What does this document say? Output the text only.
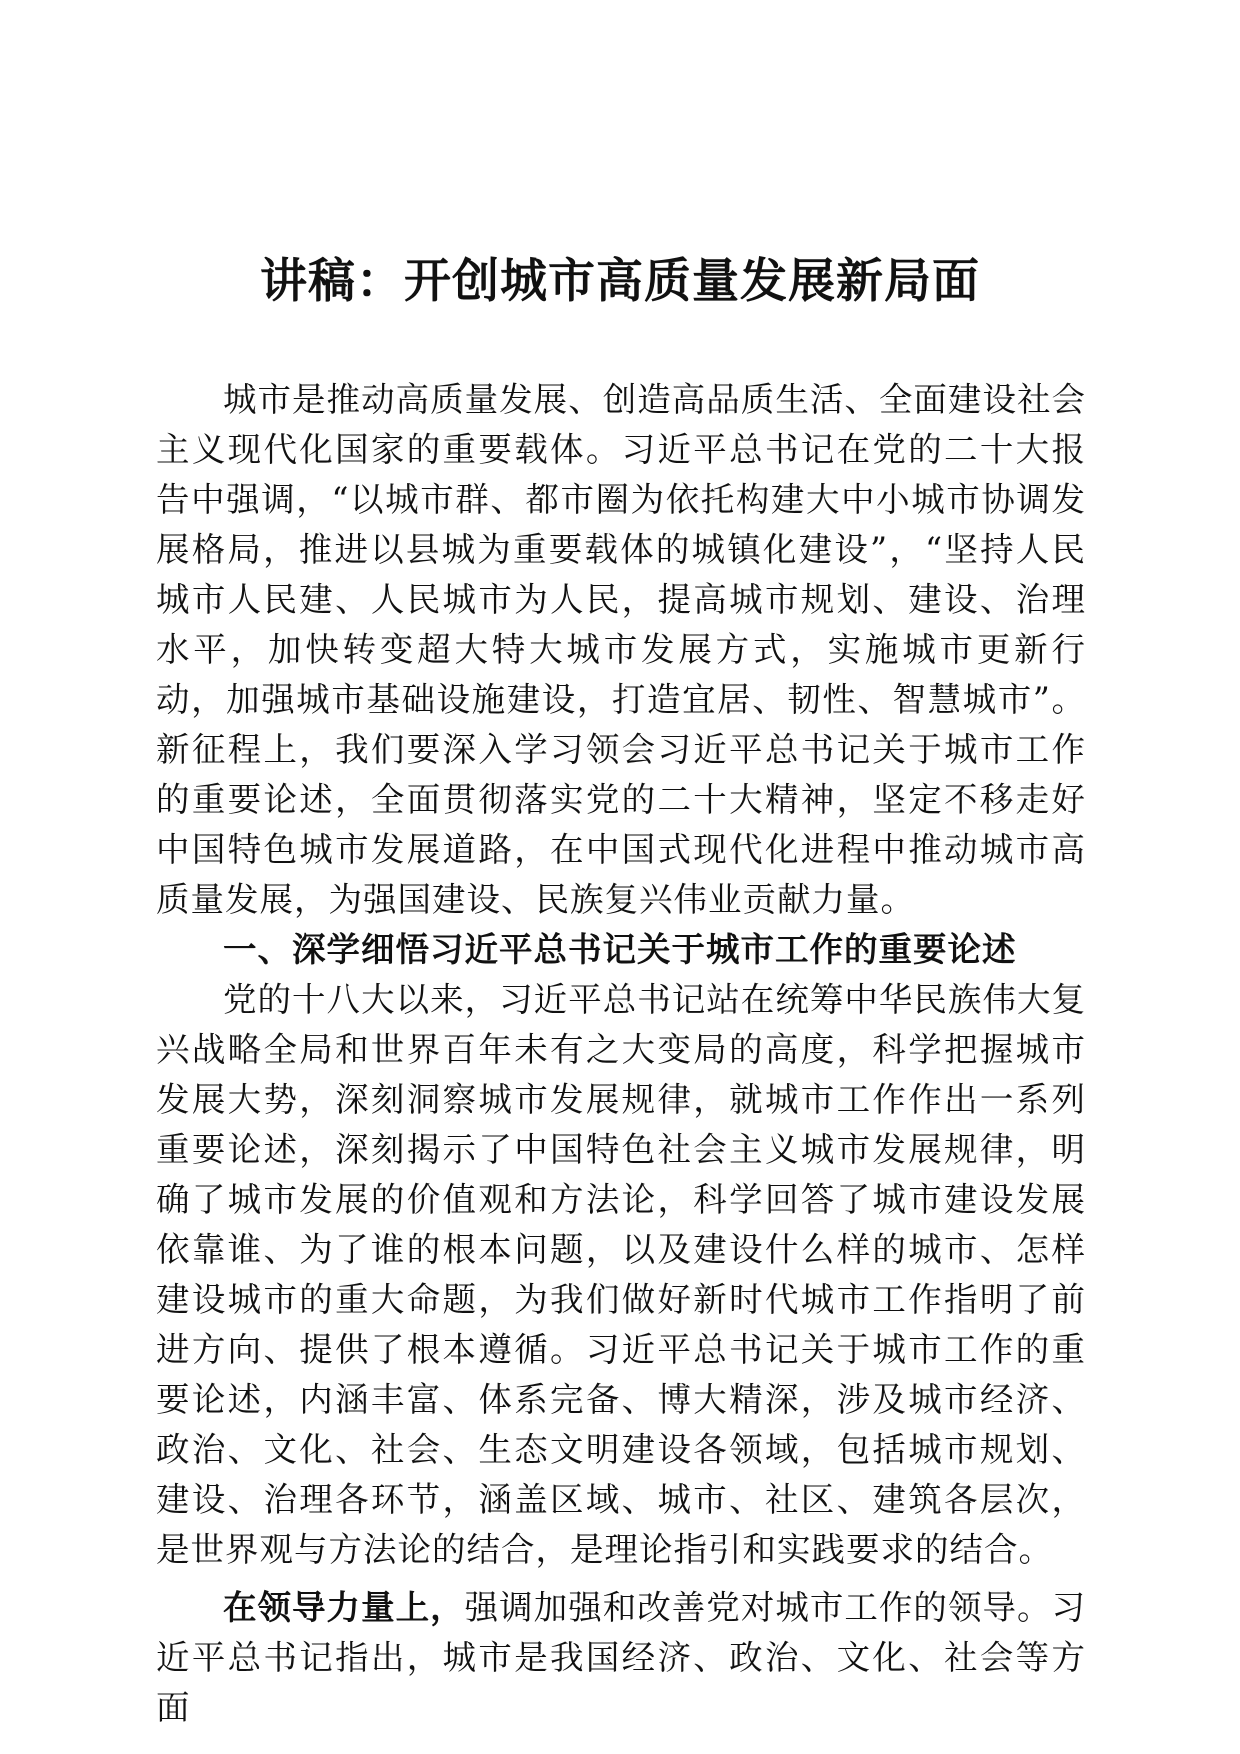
讲稿：开创城市高质量发展新局面

城市是推动高质量发展、创造高品质生活、全面建设社会主义现代化国家的重要载体。习近平总书记在党的二十大报告中强调，“以城市群、都市圈为依托构建大中小城市协调发展格局，推进以县城为重要载体的城镇化建设”，“坚持人民城市人民建、人民城市为人民，提高城市规划、建设、治理水平，加快转变超大特大城市发展方式，实施城市更新行动，加强城市基础设施建设，打造宜居、韧性、智慧城市”。新征程上，我们要深入学习领会习近平总书记关于城市工作的重要论述，全面贯彻落实党的二十大精神，坚定不移走好中国特色城市发展道路，在中国式现代化进程中推动城市高质量发展，为强国建设、民族复兴伟业贡献力量。

一、深学细悟习近平总书记关于城市工作的重要论述

党的十八大以来，习近平总书记站在统筹中华民族伟大复兴战略全局和世界百年未有之大变局的高度，科学把握城市发展大势，深刻洞察城市发展规律，就城市工作作出一系列重要论述，深刻揭示了中国特色社会主义城市发展规律，明确了城市发展的价值观和方法论，科学回答了城市建设发展依靠谁、为了谁的根本问题，以及建设什么样的城市、怎样建设城市的重大命题，为我们做好新时代城市工作指明了前进方向、提供了根本遵循。习近平总书记关于城市工作的重要论述，内涵丰富、体系完备、博大精深，涉及城市经济、政治、文化、社会、生态文明建设各领域，包括城市规划、建设、治理各环节，涵盖区域、城市、社区、建筑各层次，是世界观与方法论的结合，是理论指引和实践要求的结合。

在领导力量上，强调加强和改善党对城市工作的领导。习近平总书记指出，城市是我国经济、政治、文化、社会等方面
